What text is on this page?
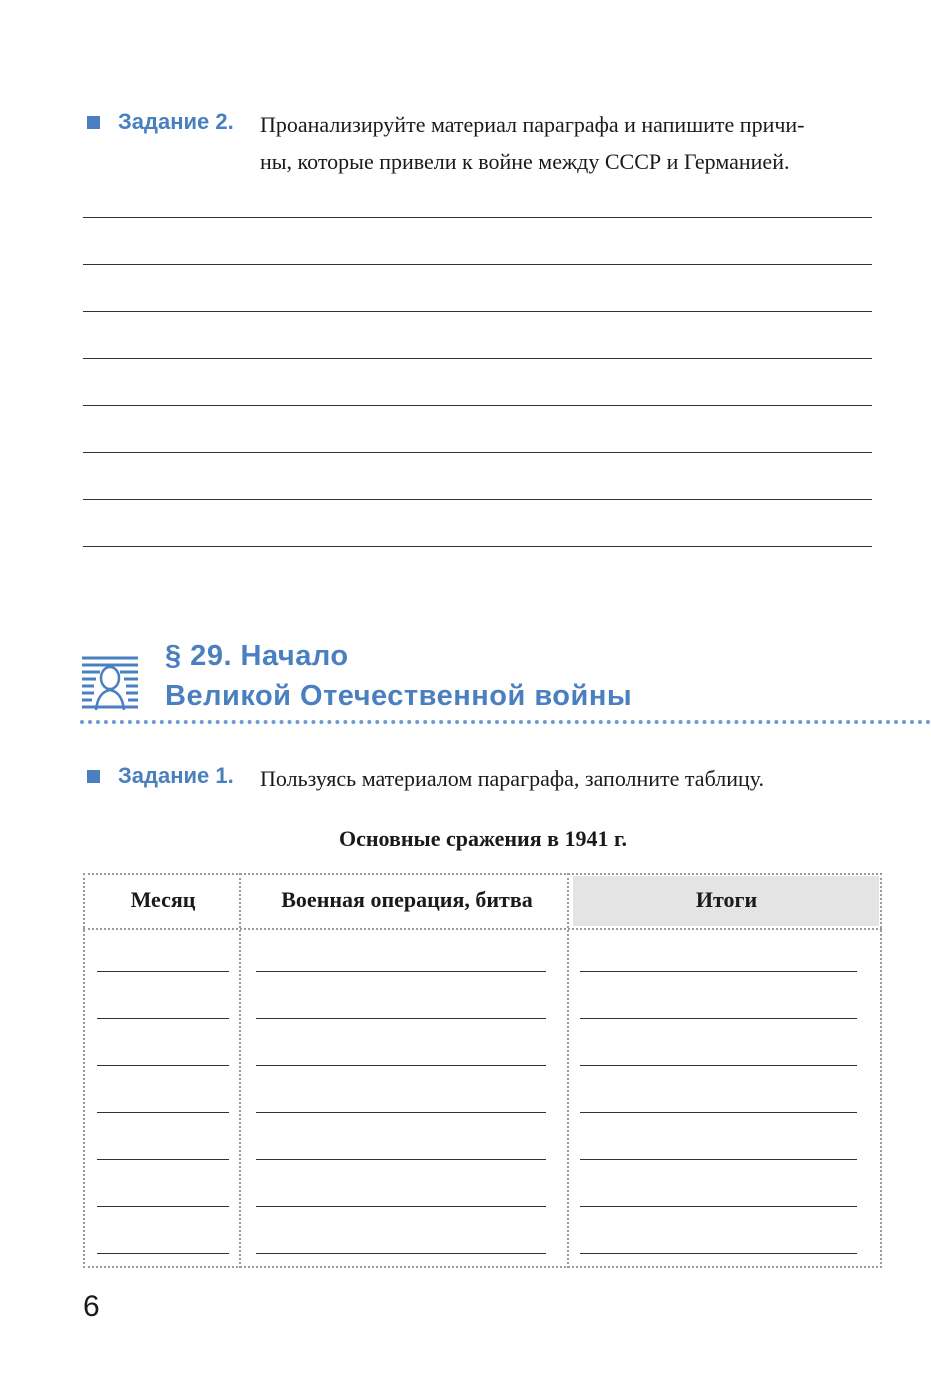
Задание 2. Проанализируйте материал параграфа и напишите причи-
ны, которые привели к войне между СССР и Германией.
§ 29. Начало
Великой Отечественной войны
Задание 1. Пользуясь материалом параграфа, заполните таблицу.
Основные сражения в 1941 г.
Месяц	Военная операция, битва	Итоги
6
